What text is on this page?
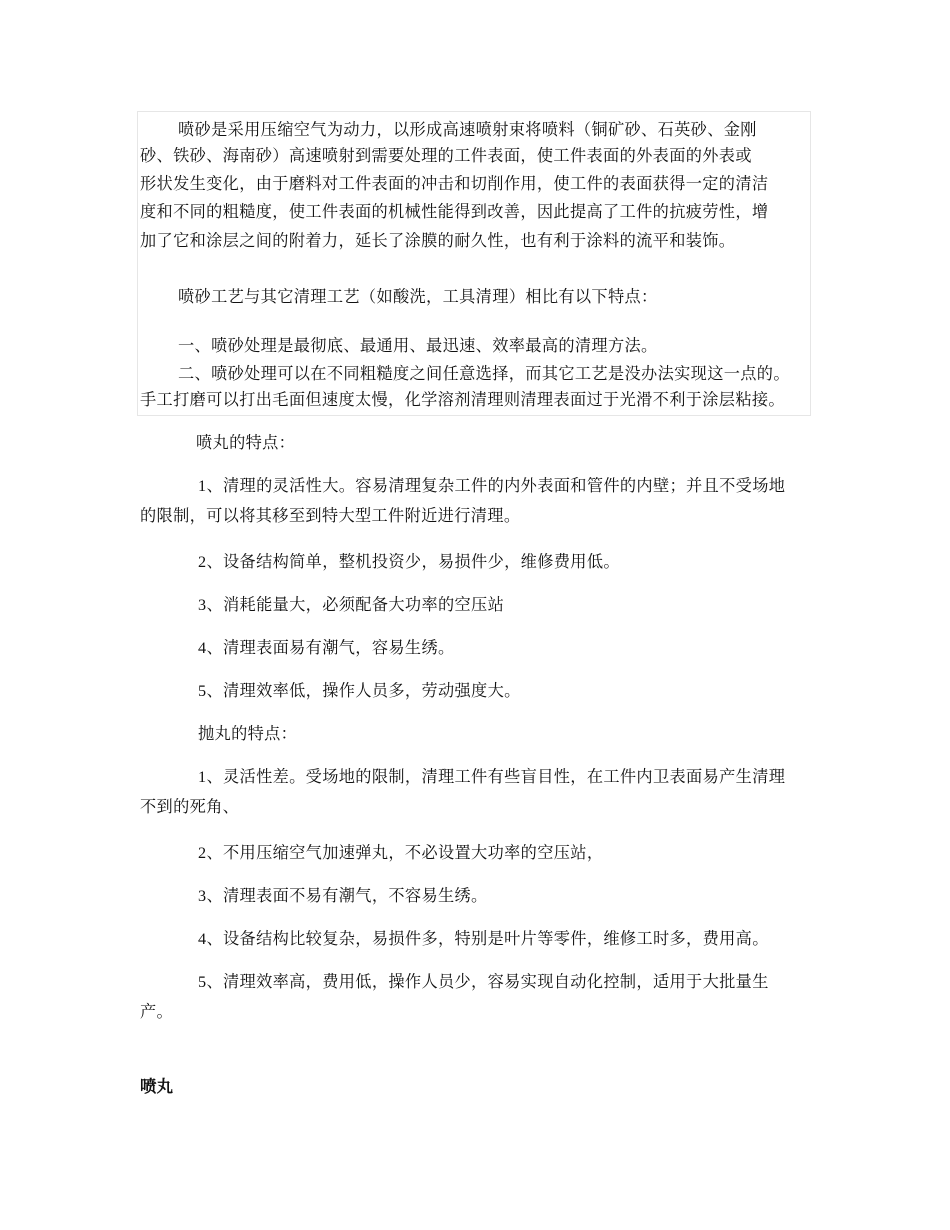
喷砂是采用压缩空气为动力，以形成高速喷射束将喷料（铜矿砂、石英砂、金刚
砂、铁砂、海南砂）高速喷射到需要处理的工件表面，使工件表面的外表面的外表或
形状发生变化，由于磨料对工件表面的冲击和切削作用，使工件的表面获得一定的清洁
度和不同的粗糙度，使工件表面的机械性能得到改善，因此提高了工件的抗疲劳性，增
加了它和涂层之间的附着力，延长了涂膜的耐久性，也有利于涂料的流平和装饰。
喷砂工艺与其它清理工艺（如酸洗，工具清理）相比有以下特点：
一、喷砂处理是最彻底、最通用、最迅速、效率最高的清理方法。
二、喷砂处理可以在不同粗糙度之间任意选择，而其它工艺是没办法实现这一点的。
手工打磨可以打出毛面但速度太慢，化学溶剂清理则清理表面过于光滑不利于涂层粘接。
喷丸的特点：
1、清理的灵活性大。容易清理复杂工件的内外表面和管件的内壁；并且不受场地
的限制，可以将其移至到特大型工件附近进行清理。
2、设备结构简单，整机投资少，易损件少，维修费用低。
3、消耗能量大，必须配备大功率的空压站
4、清理表面易有潮气，容易生绣。
5、清理效率低，操作人员多，劳动强度大。
抛丸的特点：
1、灵活性差。受场地的限制，清理工件有些盲目性，在工件内卫表面易产生清理
不到的死角、
2、不用压缩空气加速弹丸，不必设置大功率的空压站，
3、清理表面不易有潮气，不容易生绣。
4、设备结构比较复杂，易损件多，特别是叶片等零件，维修工时多，费用高。
5、清理效率高，费用低，操作人员少，容易实现自动化控制，适用于大批量生
产。
喷丸
